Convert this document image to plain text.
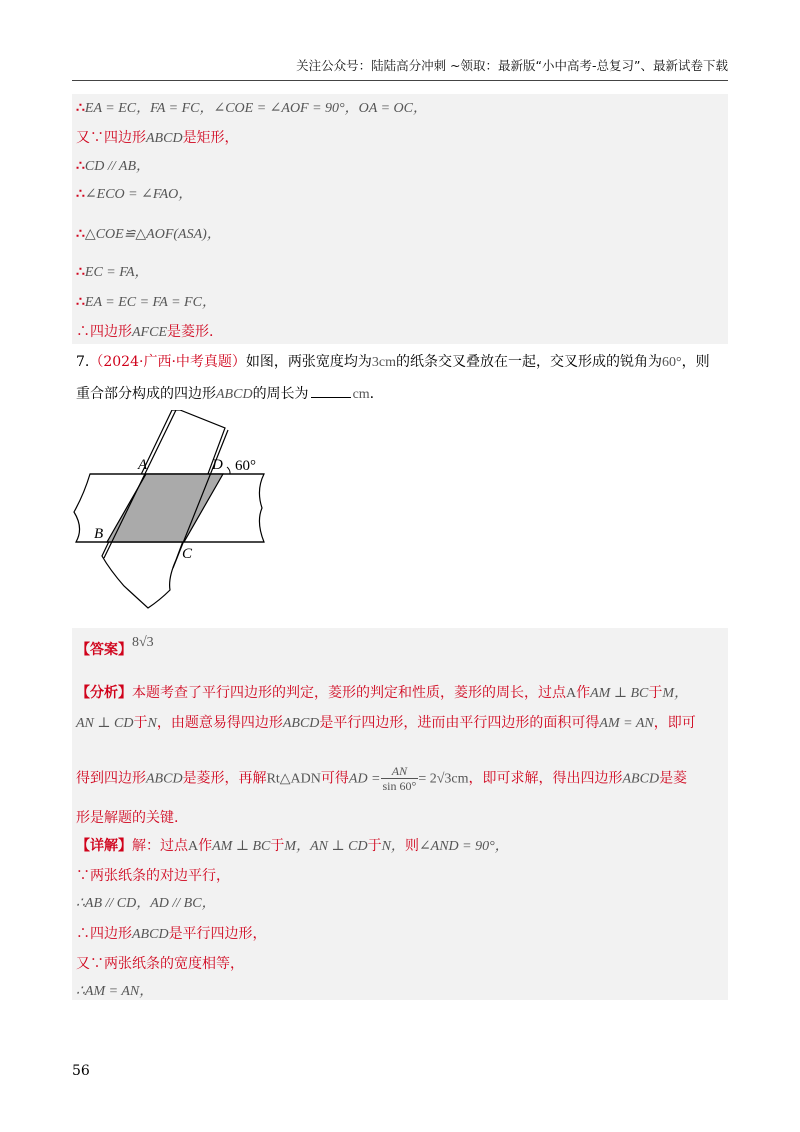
关注公众号：陆陆高分冲刺 ~领取：最新版“小中高考-总复习”、最新试卷下载
∴EA = EC，FA = FC，∠COE = ∠AOF = 90°，OA = OC，
又∵四边形ABCD是矩形，
∴CD // AB，
∴∠ECO = ∠FAO，
∴△COE≌△AOF(ASA)，
∴EC = FA，
∴EA = EC = FA = FC，
∴四边形AFCE是菱形.
7.（2024·广西·中考真题）如图，两张宽度均为3cm的纸条交叉叠放在一起，交叉形成的锐角为60°，则
重合部分构成的四边形ABCD的周长为	cm.
A	D
B
C
60°
【答案】8√3
【分析】本题考查了平行四边形的判定，菱形的判定和性质，菱形的周长，过点A作AM ⊥ BC于M，
AN ⊥ CD于N，由题意易得四边形ABCD是平行四边形，进而由平行四边形的面积可得AM = AN，即可
得到四边形ABCD是菱形，再解Rt△ADN可得AD = $\frac{AN}{\sin 60^\circ} = 2√3cm$，即可求解，得出四边形ABCD是菱
形是解题的关键.
【详解】解：过点A作AM ⊥ BC于M，AN ⊥ CD于N，则∠AND = 90°，
∵两张纸条的对边平行，
∴AB // CD，AD // BC，
∴四边形ABCD是平行四边形，
又∵两张纸条的宽度相等，
∴AM = AN，
56
